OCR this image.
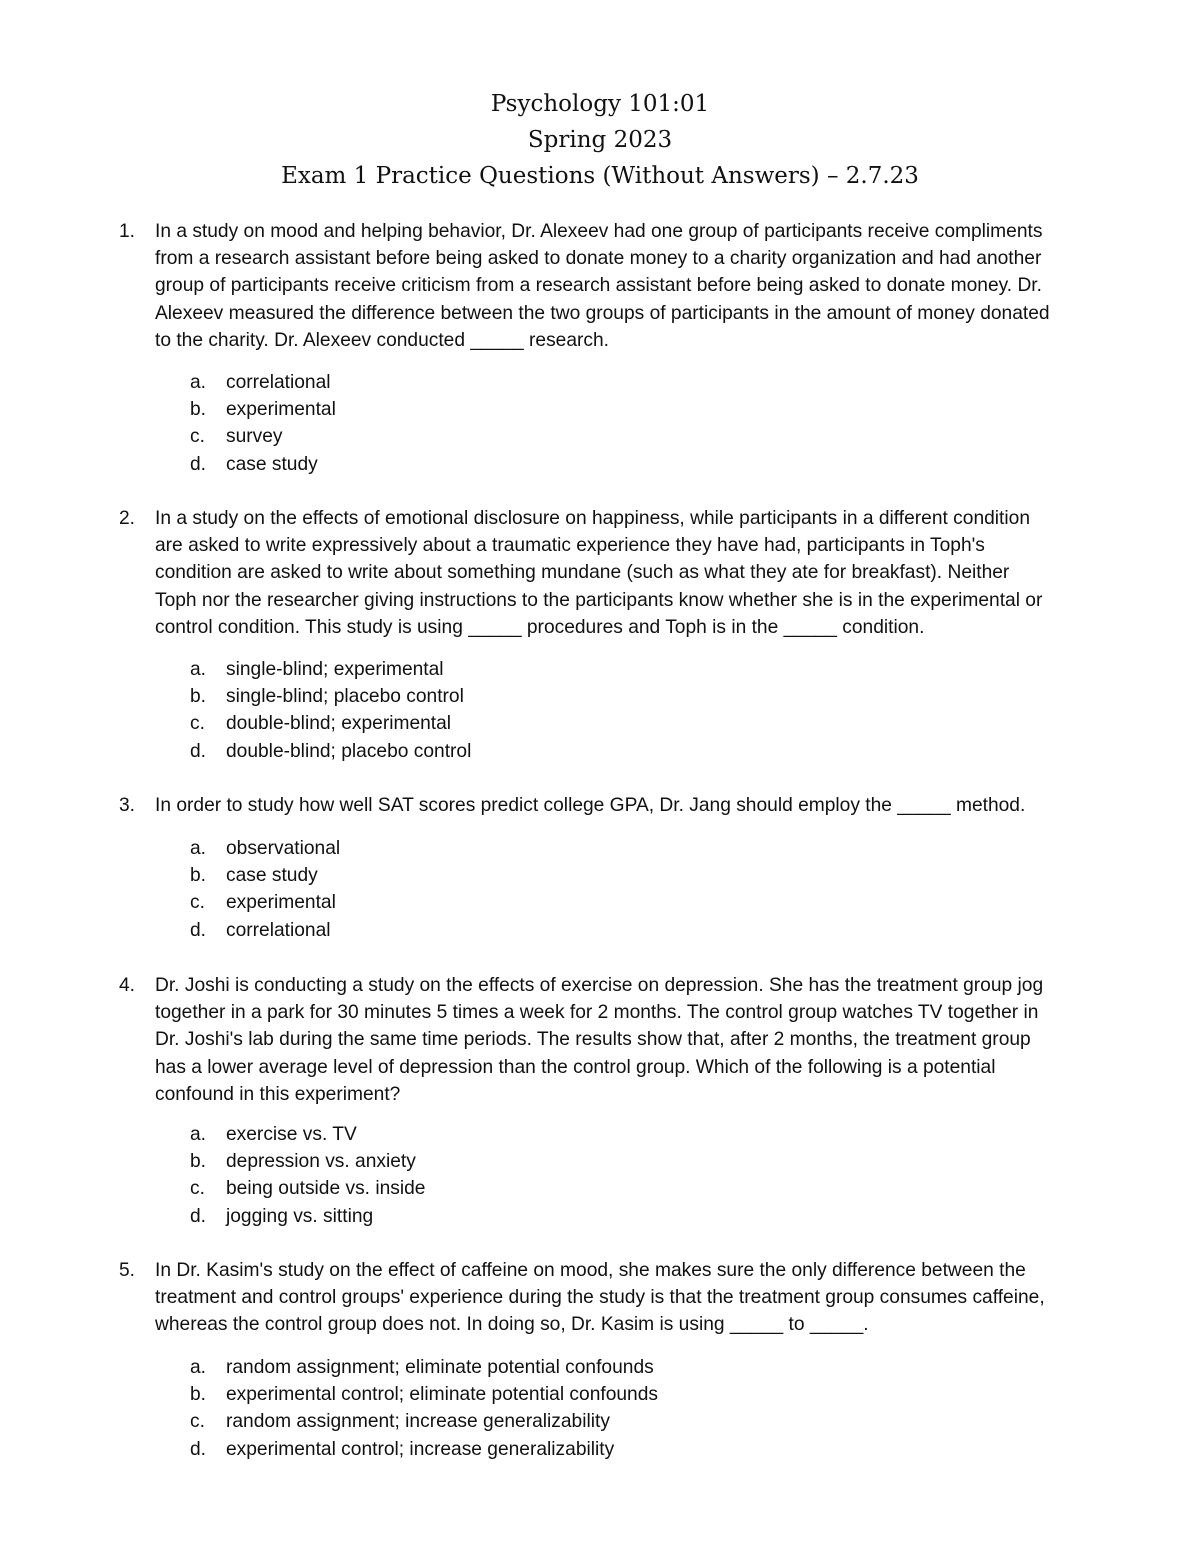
Psychology 101:01
Spring 2023
Exam 1 Practice Questions (Without Answers) – 2.7.23
1.	In a study on mood and helping behavior, Dr. Alexeev had one group of participants receive compliments
from a research assistant before being asked to donate money to a charity organization and had another
group of participants receive criticism from a research assistant before being asked to donate money. Dr.
Alexeev measured the difference between the two groups of participants in the amount of money donated
to the charity. Dr. Alexeev conducted _____ research.
a. correlational
b. experimental
c. survey
d. case study
2.	In a study on the effects of emotional disclosure on happiness, while participants in a different condition
are asked to write expressively about a traumatic experience they have had, participants in Toph's
condition are asked to write about something mundane (such as what they ate for breakfast). Neither
Toph nor the researcher giving instructions to the participants know whether she is in the experimental or
control condition. This study is using _____ procedures and Toph is in the _____ condition.
a. single-blind; experimental
b. single-blind; placebo control
c. double-blind; experimental
d. double-blind; placebo control
3.	In order to study how well SAT scores predict college GPA, Dr. Jang should employ the _____ method.
a. observational
b. case study
c. experimental
d. correlational
4.	Dr. Joshi is conducting a study on the effects of exercise on depression. She has the treatment group jog
together in a park for 30 minutes 5 times a week for 2 months. The control group watches TV together in
Dr. Joshi's lab during the same time periods. The results show that, after 2 months, the treatment group
has a lower average level of depression than the control group. Which of the following is a potential
confound in this experiment?
a. exercise vs. TV
b. depression vs. anxiety
c. being outside vs. inside
d. jogging vs. sitting
5.	In Dr. Kasim's study on the effect of caffeine on mood, she makes sure the only difference between the
treatment and control groups' experience during the study is that the treatment group consumes caffeine,
whereas the control group does not. In doing so, Dr. Kasim is using _____ to _____.
a. random assignment; eliminate potential confounds
b. experimental control; eliminate potential confounds
c. random assignment; increase generalizability
d. experimental control; increase generalizability
